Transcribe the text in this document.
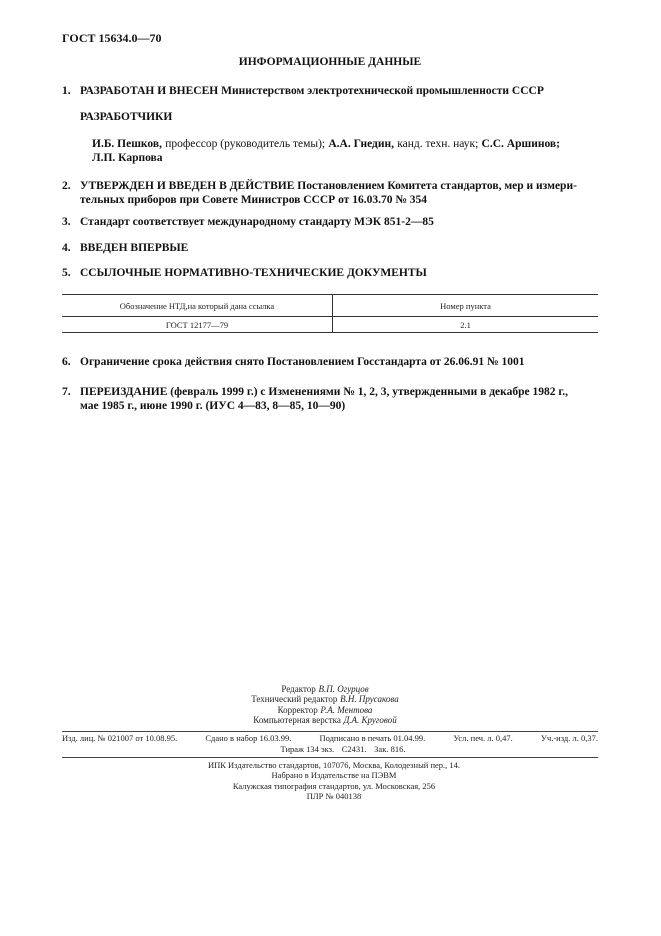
ГОСТ 15634.0—70
ИНФОРМАЦИОННЫЕ ДАННЫЕ
1. РАЗРАБОТАН И ВНЕСЕН Министерством электротехнической промышленности СССР
РАЗРАБОТЧИКИ
И.Б. Пешков, профессор (руководитель темы); А.А. Гнедин, канд. техн. наук; С.С. Аршинов;
Л.П. Карпова
2. УТВЕРЖДЕН И ВВЕДЕН В ДЕЙСТВИЕ Постановлением Комитета стандартов, мер и измери-
тельных приборов при Совете Министров СССР от 16.03.70 № 354
3. Стандарт соответствует международному стандарту МЭК 851-2—85
4. ВВЕДЕН ВПЕРВЫЕ
5. ССЫЛОЧНЫЕ НОРМАТИВНО-ТЕХНИЧЕСКИЕ ДОКУМЕНТЫ
Обозначение НТД,на который дана ссылка	Номер пункта
ГОСТ 12177—79	2.1
6. Ограничение срока действия снято Постановлением Госстандарта от 26.06.91 № 1001
7. ПЕРЕИЗДАНИЕ (февраль 1999 г.) с Изменениями № 1, 2, 3, утвержденными в декабре 1982 г.,
мае 1985 г., июне 1990 г. (ИУС 4—83, 8—85, 10—90)
Редактор В.П. Огурцов
Технический редактор В.Н. Прусакова
Корректор Р.А. Ментова
Компьютерная верстка Д.А. Круговой
Изд. лиц. № 021007 от 10.08.95.	Сдано в набор 16.03.99.	Подписано в печать 01.04.99.	Усл. печ. л. 0,47.	Уч.-изд. л. 0,37.
Тираж 134 экз. С2431. Зак. 816.
ИПК Издательство стандартов, 107076, Москва, Колодезный пер., 14.
Набрано в Издательстве на ПЭВМ
Калужская типография стандартов, ул. Московская, 256
ПЛР № 040138
